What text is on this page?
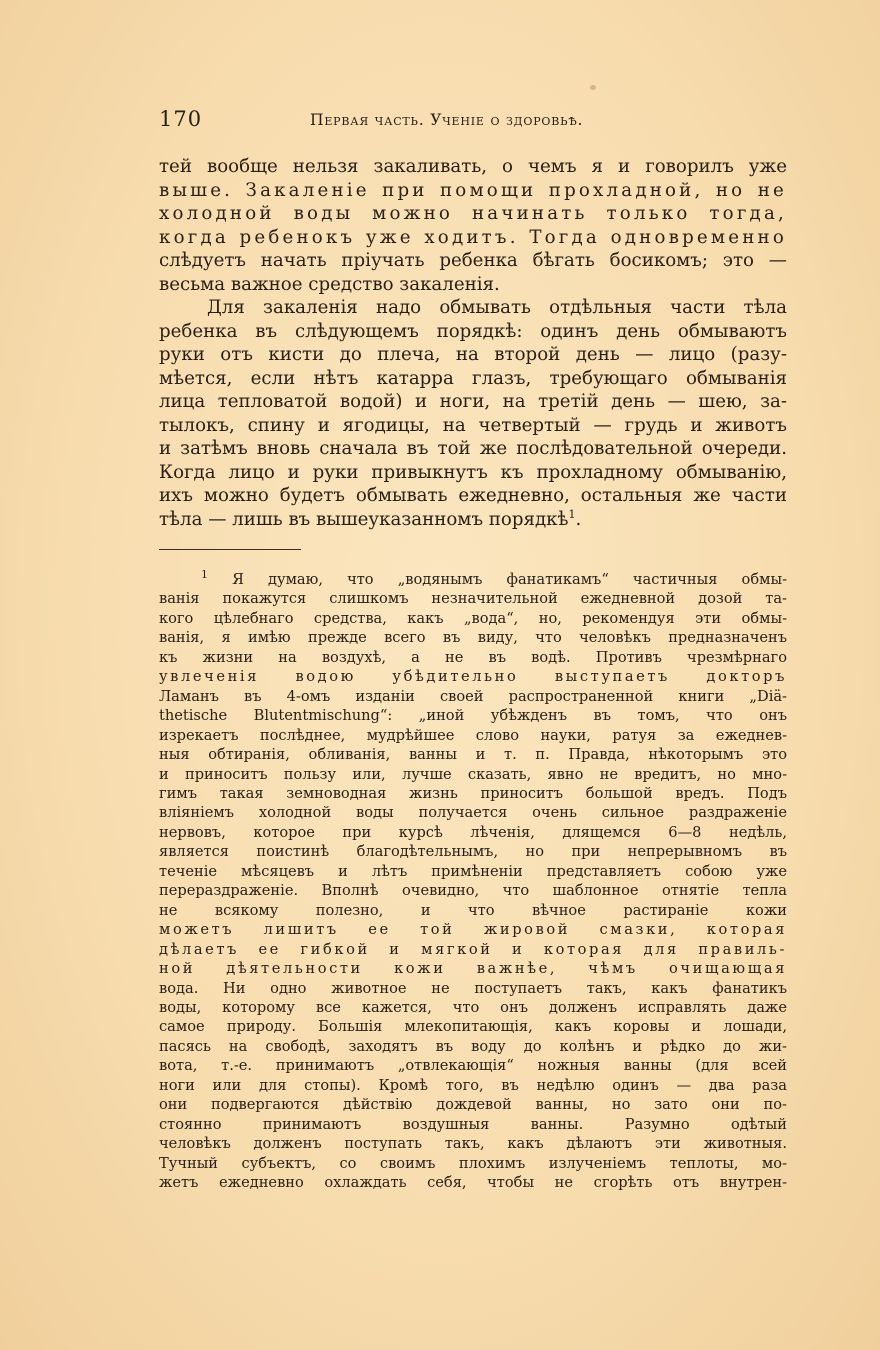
170	Первая часть. Ученіе о здоровьѣ.

тей вообще нельзя закаливать, о чемъ я и говорилъ уже

выше. Закаленіе при помощи прохладной, но не

холодной воды можно начинать только тогда,

когда ребенокъ уже ходитъ. Тогда одновременно

слѣдуетъ начать пріучать ребенка бѣгать босикомъ; это —

весьма важное средство закаленія.

Для закаленія надо обмывать отдѣльныя части тѣла

ребенка въ слѣдующемъ порядкѣ: одинъ день обмываютъ

руки отъ кисти до плеча, на второй день — лицо (разу-

мѣется, если нѣтъ катарра глазъ, требующаго обмыванія

лица тепловатой водой) и ноги, на третій день — шею, за-

тылокъ, спину и ягодицы, на четвертый — грудь и животъ

и затѣмъ вновь сначала въ той же послѣдовательной очереди.

Когда лицо и руки привыкнутъ къ прохладному обмыванію,

ихъ можно будетъ обмывать ежедневно, остальныя же части

тѣла — лишь въ вышеуказанномъ порядкѣ$^1$.

$^1$ Я думаю, что „водянымъ фанатикамъ“ частичныя обмы-
ванія покажутся слишкомъ незначительной ежедневной дозой та-
кого цѣлебнаго средства, какъ „вода“, но, рекомендуя эти обмы-
ванія, я имѣю прежде всего въ виду, что человѣкъ предназначенъ
къ жизни на воздухѣ, а не въ водѣ. Противъ чрезмѣрнаго
увлеченія водою убѣдительно выступаетъ докторъ
Ламанъ въ 4-омъ изданіи своей распространенной книги „Diä-
thetische Blutentmischung“: „иной убѣжденъ въ томъ, что онъ
изрекаетъ послѣднее, мудрѣйшее слово науки, ратуя за ежеднев-
ныя обтиранія, обливанія, ванны и т. п. Правда, нѣкоторымъ это
и приноситъ пользу или, лучше сказать, явно не вредитъ, но мно-
гимъ такая земноводная жизнь приноситъ большой вредъ. Подъ
вліяніемъ холодной воды получается очень сильное раздраженіе
нервовъ, которое при курсѣ лѣченія, длящемся 6—8 недѣль,
является поистинѣ благодѣтельнымъ, но при непрерывномъ въ
теченіе мѣсяцевъ и лѣтъ примѣненіи представляетъ собою уже
перераздраженіе. Вполнѣ очевидно, что шаблонное отнятіе тепла
не всякому полезно, и что вѣчное растираніе кожи
можетъ лишитъ ее той жировой смазки, которая
дѣлаетъ ее гибкой и мягкой и которая для правиль-
ной дѣятельности кожи важнѣе, чѣмъ очищающая
вода. Ни одно животное не поступаетъ такъ, какъ фанатикъ
воды, которому все кажется, что онъ долженъ исправлять даже
самое природу. Большія млекопитающія, какъ коровы и лошади,
пасясь на свободѣ, заходятъ въ воду до колѣнъ и рѣдко до жи-
вота, т.-е. принимаютъ „отвлекающія“ ножныя ванны (для всей
ноги или для стопы). Кромѣ того, въ недѣлю одинъ — два раза
они подвергаются дѣйствію дождевой ванны, но зато они по-
стоянно принимаютъ воздушныя ванны. Разумно одѣтый
человѣкъ долженъ поступать такъ, какъ дѣлаютъ эти животныя.
Тучный субъектъ, со своимъ плохимъ излученіемъ теплоты, мо-
жетъ ежедневно охлаждать себя, чтобы не сгорѣть отъ внутрен-
